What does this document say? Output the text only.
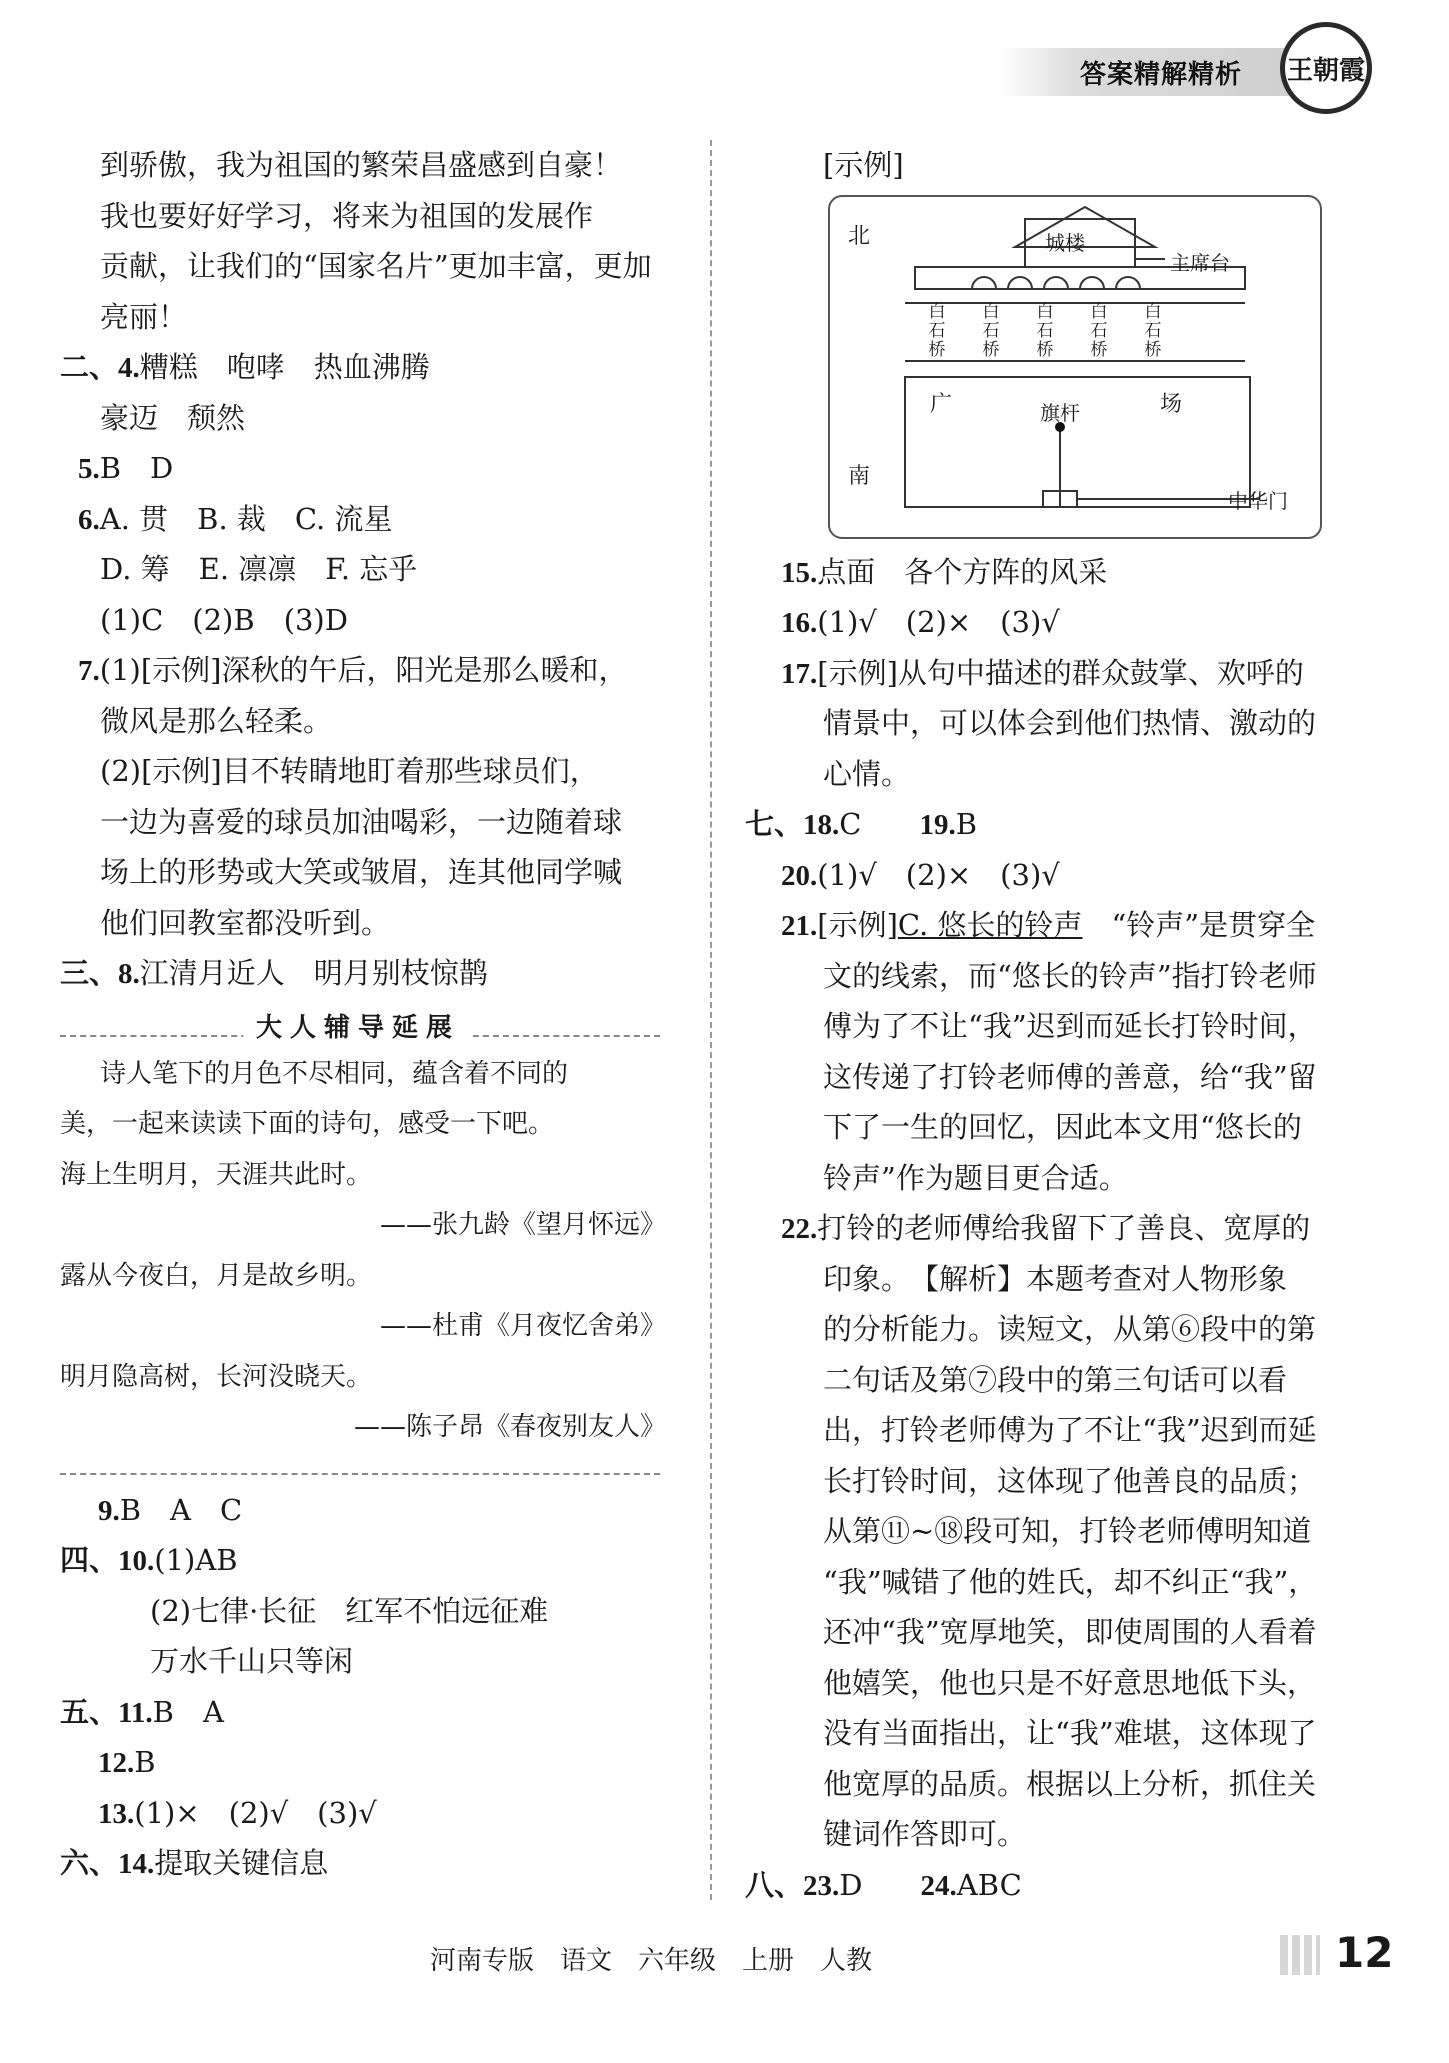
答案精解精析 王朝霞
到骄傲，我为祖国的繁荣昌盛感到自豪！
我也要好好学习，将来为祖国的发展作
贡献，让我们的“国家名片”更加丰富，更加
亮丽！
二、4.糟糕　咆哮　热血沸腾
豪迈　颓然
5.B　D
6.A. 贯　B. 裁　C. 流星
D. 筹　E. 凛凛　F. 忘乎
(1)C　(2)B　(3)D
7.(1)[示例]深秋的午后，阳光是那么暖和，
微风是那么轻柔。
(2)[示例]目不转睛地盯着那些球员们，
一边为喜爱的球员加油喝彩，一边随着球
场上的形势或大笑或皱眉，连其他同学喊
他们回教室都没听到。
三、8.江清月近人　明月别枝惊鹊
大人辅导延展
诗人笔下的月色不尽相同，蕴含着不同的
美，一起来读读下面的诗句，感受一下吧。
海上生明月，天涯共此时。
——张九龄《望月怀远》
露从今夜白，月是故乡明。
——杜甫《月夜忆舍弟》
明月隐高树，长河没晓天。
——陈子昂《春夜别友人》
9.B　A　C
四、10.(1)AB
(2)七律·长征　红军不怕远征难
万水千山只等闲
五、11.B　A
12.B
13.(1)×　(2)√　(3)√
六、14.提取关键信息
[示例]
北
南
城楼
主席台
白
石
桥
白
石
桥
白
石
桥
白
石
桥
白
石
桥
广	场
旗杆
中华门
15.点面　各个方阵的风采
16.(1)√　(2)×　(3)√
17.[示例]从句中描述的群众鼓掌、欢呼的
情景中，可以体会到他们热情、激动的
心情。
七、18.C　　 19.B
20.(1)√　(2)×　(3)√
21.[示例]C. 悠长的铃声　“铃声”是贯穿全
文的线索，而“悠长的铃声”指打铃老师
傅为了不让“我”迟到而延长打铃时间，
这传递了打铃老师傅的善意，给“我”留
下了一生的回忆，因此本文用“悠长的
铃声”作为题目更合适。
22.打铃的老师傅给我留下了善良、宽厚的
印象。　【解析】本题考查对人物形象
的分析能力。读短文，从第⑥段中的第
二句话及第⑦段中的第三句话可以看
出，打铃老师傅为了不让“我”迟到而延
长打铃时间，这体现了他善良的品质；
从第⑪~⑱段可知，打铃老师傅明知道
“我”喊错了他的姓氏，却不纠正“我”，
还冲“我”宽厚地笑，即使周围的人看着
他嬉笑，他也只是不好意思地低下头，
没有当面指出，让“我”难堪，这体现了
他宽厚的品质。根据以上分析，抓住关
键词作答即可。
八、23.D　　 24.ABC
河南专版　语文　六年级　上册　人教	12
